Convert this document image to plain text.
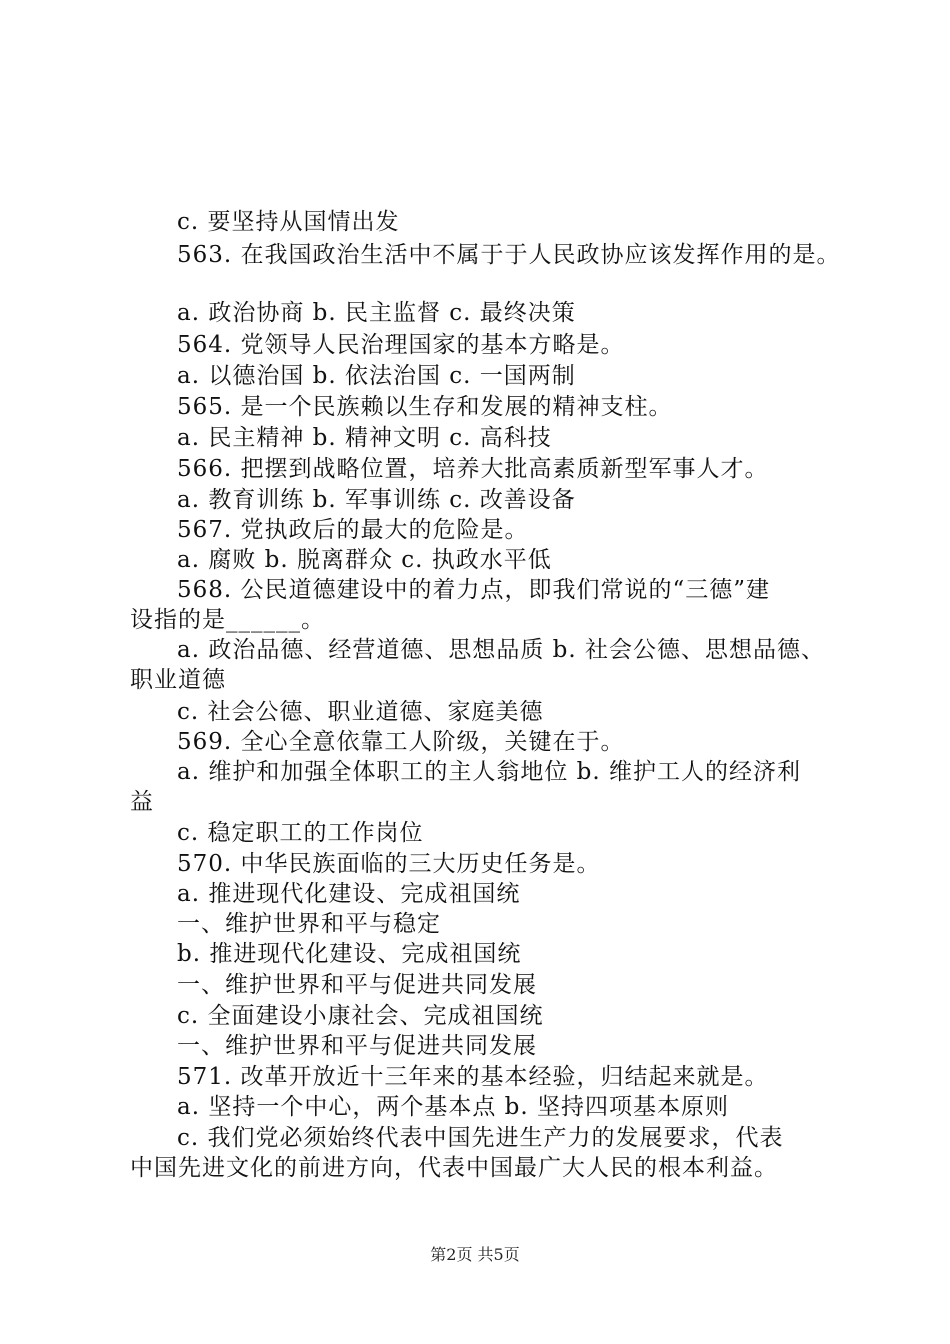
c. 要坚持从国情出发
563. 在我国政治生活中不属于于人民政协应该发挥作用的是。
a. 政治协商 b. 民主监督 c. 最终决策
564. 党领导人民治理国家的基本方略是。
a. 以德治国 b. 依法治国 c. 一国两制
565. 是一个民族赖以生存和发展的精神支柱。
a. 民主精神 b. 精神文明 c. 高科技
566. 把摆到战略位置，培养大批高素质新型军事人才。
a. 教育训练 b. 军事训练 c. 改善设备
567. 党执政后的最大的危险是。
a. 腐败 b. 脱离群众 c. 执政水平低
568. 公民道德建设中的着力点，即我们常说的“三德”建
设指的是______。
a. 政治品德、经营道德、思想品质 b. 社会公德、思想品德、
职业道德
c. 社会公德、职业道德、家庭美德
569. 全心全意依靠工人阶级，关键在于。
a. 维护和加强全体职工的主人翁地位 b. 维护工人的经济利
益
c. 稳定职工的工作岗位
570. 中华民族面临的三大历史任务是。
a. 推进现代化建设、完成祖国统
一、维护世界和平与稳定
b. 推进现代化建设、完成祖国统
一、维护世界和平与促进共同发展
c. 全面建设小康社会、完成祖国统
一、维护世界和平与促进共同发展
571. 改革开放近十三年来的基本经验，归结起来就是。
a. 坚持一个中心，两个基本点 b. 坚持四项基本原则
c. 我们党必须始终代表中国先进生产力的发展要求，代表
中国先进文化的前进方向，代表中国最广大人民的根本利益。
第2页 共5页
